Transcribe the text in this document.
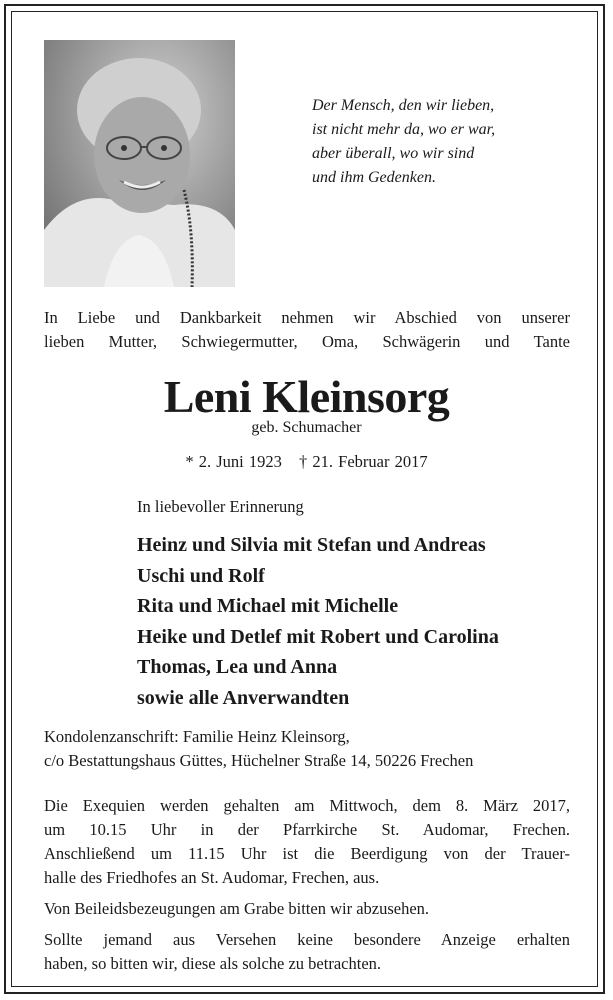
Der Mensch, den wir lieben,
ist nicht mehr da, wo er war,
aber überall, wo wir sind
und ihm Gedenken.
In Liebe und Dankbarkeit nehmen wir Abschied von unserer
lieben Mutter, Schwiegermutter, Oma, Schwägerin und Tante
Leni Kleinsorg
geb. Schumacher
* 2. Juni 1923 † 21. Februar 2017
In liebevoller Erinnerung
Heinz und Silvia mit Stefan und Andreas
Uschi und Rolf
Rita und Michael mit Michelle
Heike und Detlef mit Robert und Carolina
Thomas, Lea und Anna
sowie alle Anverwandten
Kondolenzanschrift: Familie Heinz Kleinsorg,
c/o Bestattungshaus Güttes, Hüchelner Straße 14, 50226 Frechen
Die Exequien werden gehalten am Mittwoch, dem 8. März 2017,
um 10.15 Uhr in der Pfarrkirche St. Audomar, Frechen.
Anschließend um 11.15 Uhr ist die Beerdigung von der Trauer-
halle des Friedhofes an St. Audomar, Frechen, aus.
Von Beileidsbezeugungen am Grabe bitten wir abzusehen.
Sollte jemand aus Versehen keine besondere Anzeige erhalten
haben, so bitten wir, diese als solche zu betrachten.
